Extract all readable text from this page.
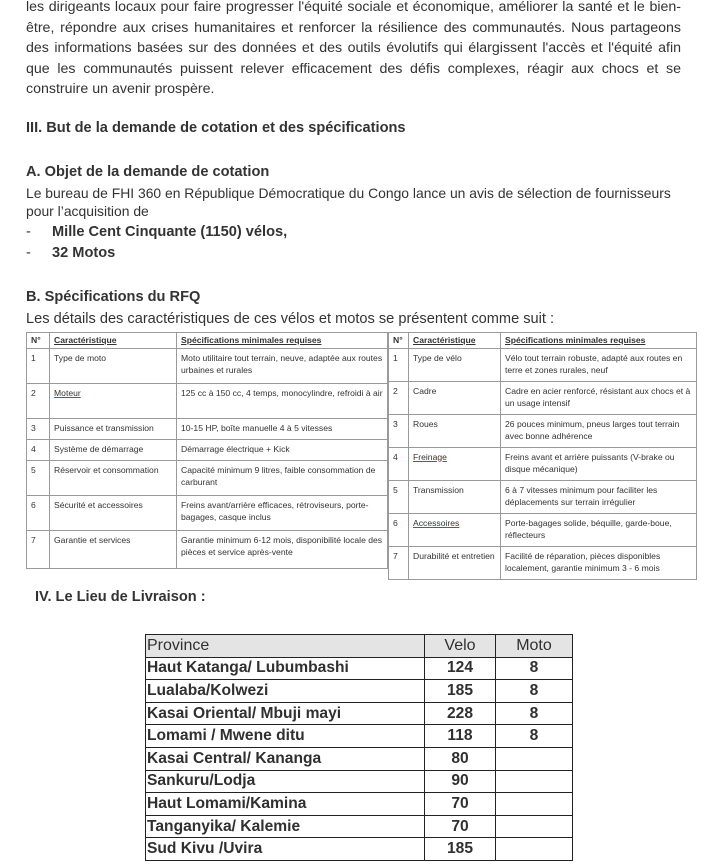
les dirigeants locaux pour faire progresser l'équité sociale et économique, améliorer la santé et le bien-
être, répondre aux crises humanitaires et renforcer la résilience des communautés. Nous partageons
des informations basées sur des données et des outils évolutifs qui élargissent l'accès et l'équité afin
que les communautés puissent relever efficacement des défis complexes, réagir aux chocs et se
construire un avenir prospère.
III. But de la demande de cotation et des spécifications
A. Objet de la demande de cotation
Le bureau de FHI 360 en République Démocratique du Congo lance un avis de sélection de fournisseurs
pour l’acquisition de
- Mille Cent Cinquante (1150) vélos,
- 32 Motos
B. Spécifications du RFQ
Les détails des caractéristiques de ces vélos et motos se présentent comme suit :
N°	Caractéristique	Spécifications minimales requises
1	Type de moto	Moto utilitaire tout terrain, neuve, adaptée aux routes urbaines et rurales
2	Moteur	125 cc à 150 cc, 4 temps, monocylindre, refroidi à air
3	Puissance et transmission	10-15 HP, boîte manuelle 4 à 5 vitesses
4	Système de démarrage	Démarrage électrique + Kick
5	Réservoir et consommation	Capacité minimum 9 litres, faible consommation de carburant
6	Sécurité et accessoires	Freins avant/arrière efficaces, rétroviseurs, porte-bagages, casque inclus
7	Garantie et services	Garantie minimum 6-12 mois, disponibilité locale des pièces et service après-vente
N°	Caractéristique	Spécifications minimales requises
1	Type de vélo	Vélo tout terrain robuste, adapté aux routes en terre et zones rurales, neuf
2	Cadre	Cadre en acier renforcé, résistant aux chocs et à un usage intensif
3	Roues	26 pouces minimum, pneus larges tout terrain avec bonne adhérence
4	Freinage	Freins avant et arrière puissants (V-brake ou disque mécanique)
5	Transmission	6 à 7 vitesses minimum pour faciliter les déplacements sur terrain irrégulier
6	Accessoires	Porte-bagages solide, béquille, garde-boue, réflecteurs
7	Durabilité et entretien	Facilité de réparation, pièces disponibles localement, garantie minimum 3 - 6 mois
IV. Le Lieu de Livraison :
Province	Velo	Moto
Haut Katanga/ Lubumbashi	124	8
Lualaba/Kolwezi	185	8
Kasai Oriental/ Mbuji mayi	228	8
Lomami / Mwene ditu	118	8
Kasai Central/ Kananga	80	
Sankuru/Lodja	90	
Haut Lomami/Kamina	70	
Tanganyika/ Kalemie	70	
Sud Kivu /Uvira	185	
